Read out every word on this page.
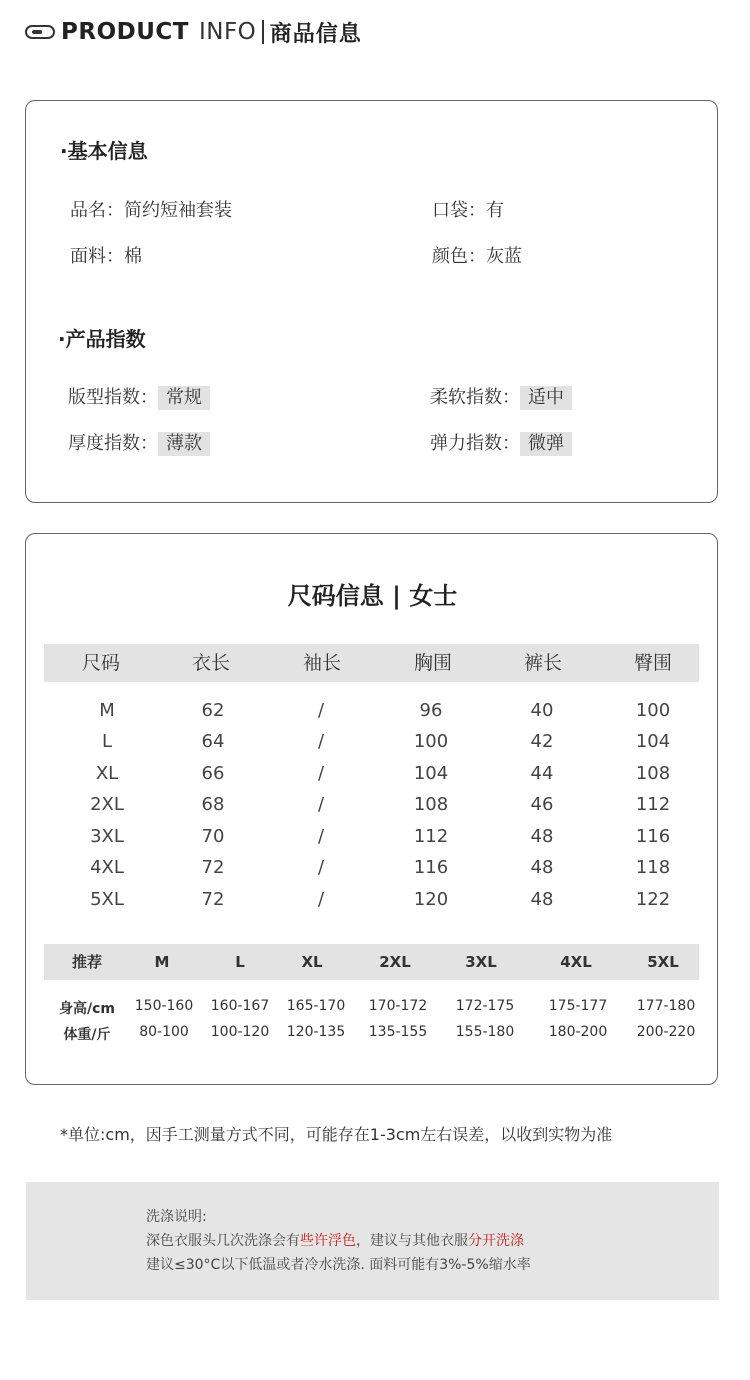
PRODUCT INFO 商品信息
·基本信息
品名：简约短袖套装	口袋：有
面料：棉	颜色：灰蓝
·产品指数
版型指数： 常规	柔软指数： 适中
厚度指数： 薄款	弹力指数： 微弹
尺码信息 | 女士
尺码	衣长	袖长	胸围	裤长	臀围
M	62	/	96	40	100
L	64	/	100	42	104
XL	66	/	104	44	108
2XL	68	/	108	46	112
3XL	70	/	112	48	116
4XL	72	/	116	48	118
5XL	72	/	120	48	122
推荐	M	L	XL	2XL	3XL	4XL	5XL
身高/cm 150-160 160-167 165-170 170-172 172-175 175-177 177-180
体重/斤 80-100 100-120 120-135 135-155 155-180 180-200 200-220
*单位:cm，因手工测量方式不同，可能存在1-3cm左右误差，以收到实物为准
洗涤说明:
深色衣服头几次洗涤会有些许浮色，建议与其他衣服分开洗涤
建议≤30°C以下低温或者冷水洗涤. 面料可能有3%-5%缩水率
